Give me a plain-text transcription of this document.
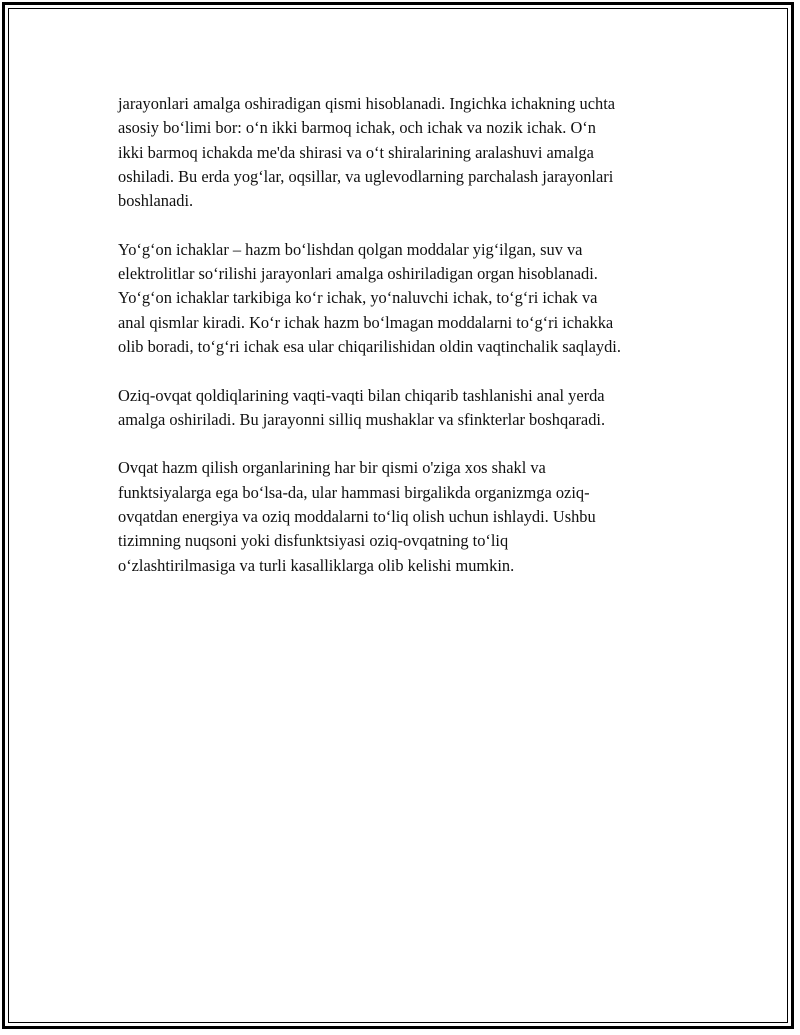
jarayonlari amalga oshiradigan qismi hisoblanadi. Ingichka ichakning uchta
asosiy bo‘limi bor: o‘n ikki barmoq ichak, och ichak va nozik ichak. O‘n
ikki barmoq ichakda me'da shirasi va o‘t shiralarining aralashuvi amalga
oshiladi. Bu erda yog‘lar, oqsillar, va uglevodlarning parchalash jarayonlari
boshlanadi.

Yo‘g‘on ichaklar – hazm bo‘lishdan qolgan moddalar yig‘ilgan, suv va
elektrolitlar so‘rilishi jarayonlari amalga oshiriladigan organ hisoblanadi.
Yo‘g‘on ichaklar tarkibiga ko‘r ichak, yo‘naluvchi ichak, to‘g‘ri ichak va
anal qismlar kiradi. Ko‘r ichak hazm bo‘lmagan moddalarni to‘g‘ri ichakka
olib boradi, to‘g‘ri ichak esa ular chiqarilishidan oldin vaqtinchalik saqlaydi.

Oziq-ovqat qoldiqlarining vaqti-vaqti bilan chiqarib tashlanishi anal yerda
amalga oshiriladi. Bu jarayonni silliq mushaklar va sfinkterlar boshqaradi.

Ovqat hazm qilish organlarining har bir qismi o'ziga xos shakl va
funktsiyalarga ega bo‘lsa-da, ular hammasi birgalikda organizmga oziq-
ovqatdan energiya va oziq moddalarni to‘liq olish uchun ishlaydi. Ushbu
tizimning nuqsoni yoki disfunktsiyasi oziq-ovqatning to‘liq
o‘zlashtirilmasiga va turli kasalliklarga olib kelishi mumkin.
